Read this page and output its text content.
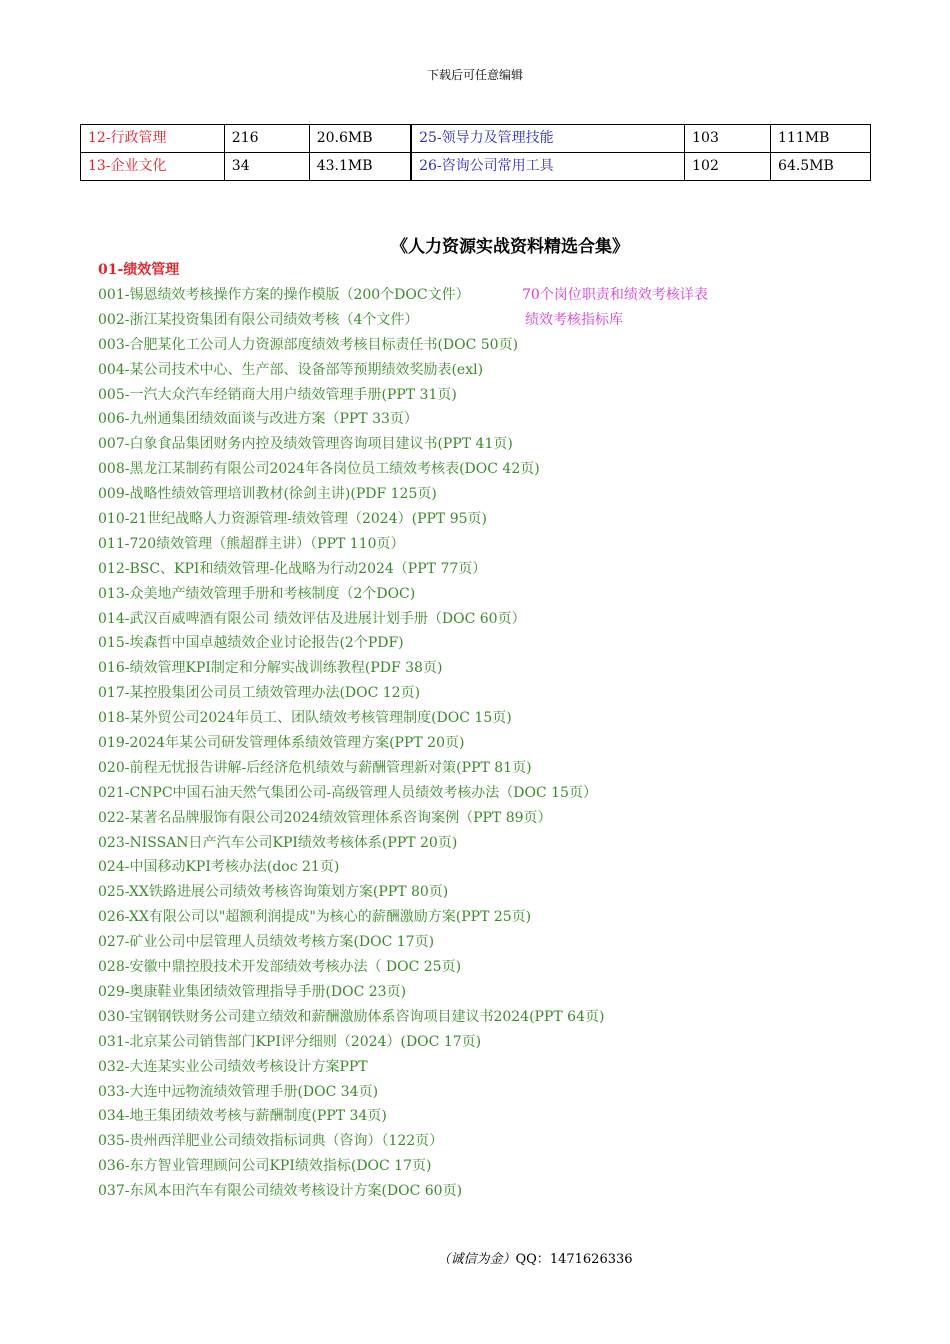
下载后可任意编辑
12-行政管理	216	20.6MB	25-领导力及管理技能	103	111MB
13-企业文化	34	43.1MB	26-咨询公司常用工具	102	64.5MB
《人力资源实战资料精选合集》
01-绩效管理
001-锡恩绩效考核操作方案的操作模版（200个DOC文件）
002-浙江某投资集团有限公司绩效考核（4个文件）
003-合肥某化工公司人力资源部度绩效考核目标责任书(DOC 50页)
004-某公司技术中心、生产部、设备部等预期绩效奖励表(exl)
005-一汽大众汽车经销商大用户绩效管理手册(PPT 31页)
006-九州通集团绩效面谈与改进方案（PPT 33页）
007-白象食品集团财务内控及绩效管理咨询项目建议书(PPT 41页)
008-黑龙江某制药有限公司2024年各岗位员工绩效考核表(DOC 42页)
009-战略性绩效管理培训教材(徐剑主讲)(PDF 125页)
010-21世纪战略人力资源管理-绩效管理（2024）(PPT 95页)
011-720绩效管理（熊超群主讲）（PPT 110页）
012-BSC、KPI和绩效管理-化战略为行动2024（PPT 77页）
013-众美地产绩效管理手册和考核制度（2个DOC)
014-武汉百威啤酒有限公司 绩效评估及进展计划手册（DOC 60页）
015-埃森哲中国卓越绩效企业讨论报告(2个PDF)
016-绩效管理KPI制定和分解实战训练教程(PDF 38页)
017-某控股集团公司员工绩效管理办法(DOC 12页)
018-某外贸公司2024年员工、团队绩效考核管理制度(DOC 15页)
019-2024年某公司研发管理体系绩效管理方案(PPT 20页)
020-前程无忧报告讲解-后经济危机绩效与薪酬管理新对策(PPT 81页)
021-CNPC中国石油天然气集团公司-高级管理人员绩效考核办法（DOC 15页）
022-某著名品牌服饰有限公司2024绩效管理体系咨询案例（PPT 89页）
023-NISSAN日产汽车公司KPI绩效考核体系(PPT 20页)
024-中国移动KPI考核办法(doc 21页)
025-XX铁路进展公司绩效考核咨询策划方案(PPT 80页)
026-XX有限公司以"超额利润提成"为核心的薪酬激励方案(PPT 25页)
027-矿业公司中层管理人员绩效考核方案(DOC 17页)
028-安徽中鼎控股技术开发部绩效考核办法（ DOC 25页)
029-奥康鞋业集团绩效管理指导手册(DOC 23页)
030-宝钢钢铁财务公司建立绩效和薪酬激励体系咨询项目建议书2024(PPT 64页)
031-北京某公司销售部门KPI评分细则（2024）(DOC 17页)
032-大连某实业公司绩效考核设计方案PPT
033-大连中远物流绩效管理手册(DOC 34页)
034-地王集团绩效考核与薪酬制度(PPT 34页)
035-贵州西洋肥业公司绩效指标词典（咨询）（122页）
036-东方智业管理顾问公司KPI绩效指标(DOC 17页)
037-东风本田汽车有限公司绩效考核设计方案(DOC 60页)
70个岗位职责和绩效考核详表
绩效考核指标库
（诚信为金）QQ：1471626336
